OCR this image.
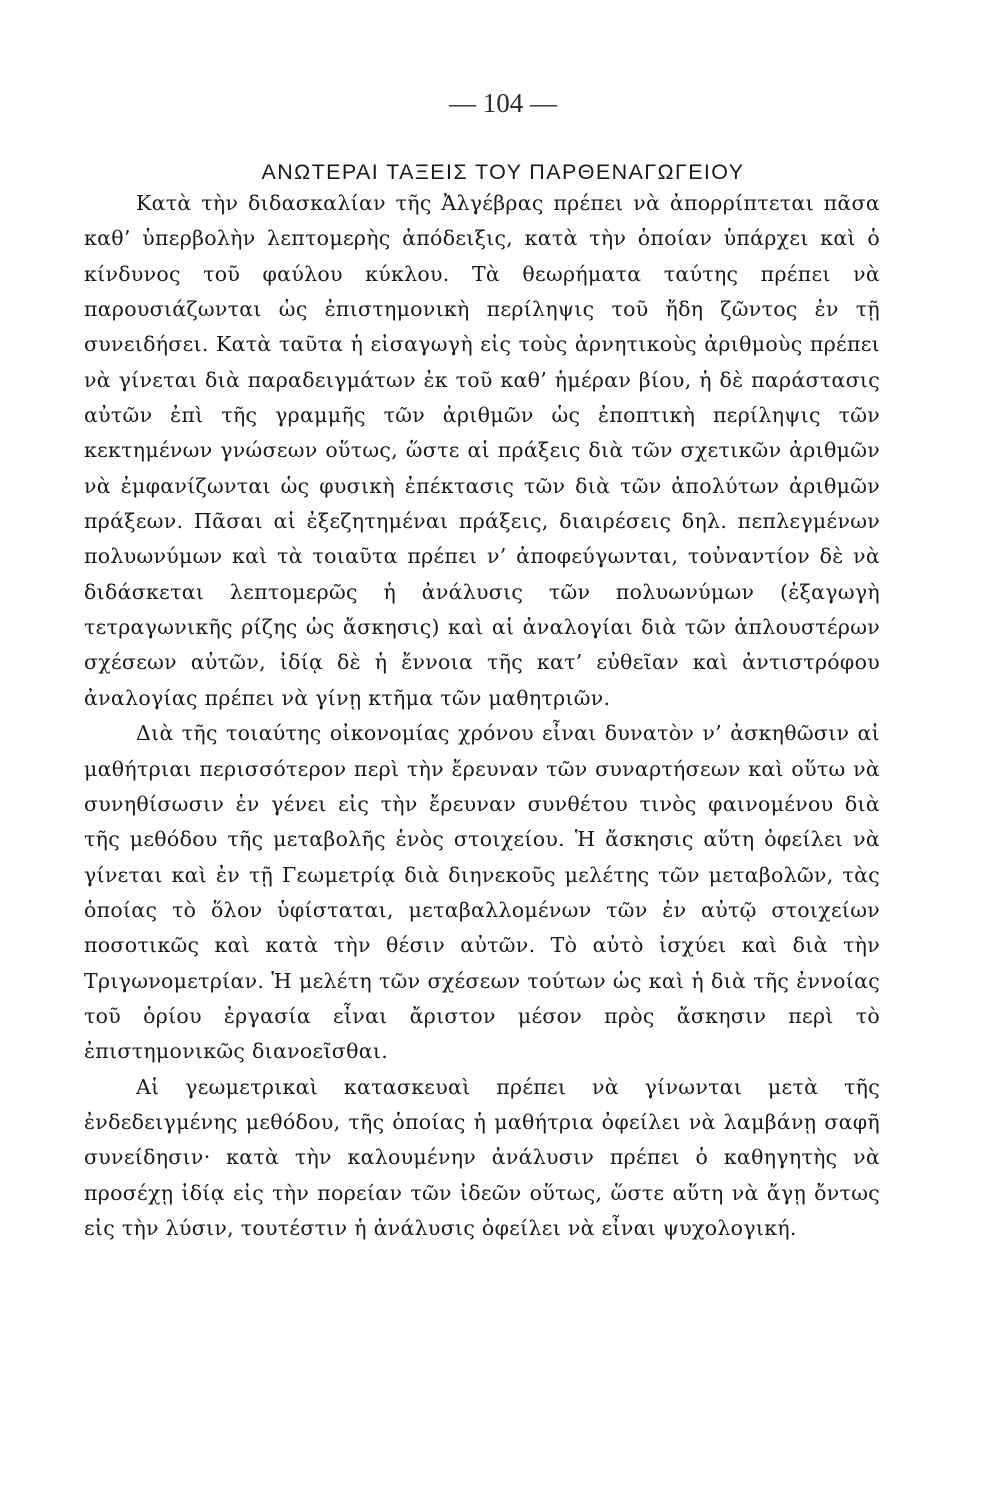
— 104 —
ΑΝΩΤΕΡΑΙ ΤΑΞΕΙΣ ΤΟΥ ΠΑΡΘΕΝΑΓΩΓΕΙΟΥ

Κατὰ τὴν διδασκαλίαν τῆς Ἀλγέβρας πρέπει νὰ ἀπορρίπτεται πᾶσα καθ’ ὑπερβολὴν λεπτομερὴς ἀπόδειξις, κατὰ τὴν ὁποίαν ὑπάρχει καὶ ὁ κίνδυνος τοῦ φαύλου κύκλου. Τὰ θεωρήματα ταύτης πρέπει νὰ παρουσιάζωνται ὡς ἐπιστημονικὴ περίληψις τοῦ ἤδη ζῶντος ἐν τῇ συνειδήσει. Κατὰ ταῦτα ἡ εἰσαγωγὴ εἰς τοὺς ἀρνητικοὺς ἀριθμοὺς πρέπει νὰ γίνεται διὰ παραδειγμάτων ἐκ τοῦ καθ’ ἡμέραν βίου, ἡ δὲ παράστασις αὐτῶν ἐπὶ τῆς γραμμῆς τῶν ἀριθμῶν ὡς ἐποπτικὴ περίληψις τῶν κεκτημένων γνώσεων οὕτως, ὥστε αἱ πράξεις διὰ τῶν σχετικῶν ἀριθμῶν νὰ ἐμφανίζωνται ὡς φυσικὴ ἐπέκτασις τῶν διὰ τῶν ἀπολύτων ἀριθμῶν πράξεων. Πᾶσαι αἱ ἐξεζητημέναι πράξεις, διαιρέσεις δηλ. πεπλεγμένων πολυωνύμων καὶ τὰ τοιαῦτα πρέπει ν’ ἀποφεύγωνται, τοὐναντίον δὲ νὰ διδάσκεται λεπτομερῶς ἡ ἀνάλυσις τῶν πολυωνύμων (ἐξαγωγὴ τετραγωνικῆς ρίζης ὡς ἄσκησις) καὶ αἱ ἀναλογίαι διὰ τῶν ἁπλουστέρων σχέσεων αὐτῶν, ἰδίᾳ δὲ ἡ ἔννοια τῆς κατ’ εὐθεῖαν καὶ ἀντιστρόφου ἀναλογίας πρέπει νὰ γίνῃ κτῆμα τῶν μαθητριῶν.

Διὰ τῆς τοιαύτης οἰκονομίας χρόνου εἶναι δυνατὸν ν’ ἀσκηθῶσιν αἱ μαθήτριαι περισσότερον περὶ τὴν ἔρευναν τῶν συναρτήσεων καὶ οὕτω νὰ συνηθίσωσιν ἐν γένει εἰς τὴν ἔρευναν συνθέτου τινὸς φαινομένου διὰ τῆς μεθόδου τῆς μεταβολῆς ἑνὸς στοιχείου. Ἡ ἄσκησις αὕτη ὀφείλει νὰ γίνεται καὶ ἐν τῇ Γεωμετρίᾳ διὰ διηνεκοῦς μελέτης τῶν μεταβολῶν, τὰς ὁποίας τὸ ὅλον ὑφίσταται, μεταβαλλομένων τῶν ἐν αὐτῷ στοιχείων ποσοτικῶς καὶ κατὰ τὴν θέσιν αὐτῶν. Τὸ αὐτὸ ἰσχύει καὶ διὰ τὴν Τριγωνομετρίαν. Ἡ μελέτη τῶν σχέσεων τούτων ὡς καὶ ἡ διὰ τῆς ἐννοίας τοῦ ὁρίου ἐργασία εἶναι ἄριστον μέσον πρὸς ἄσκησιν περὶ τὸ ἐπιστημονικῶς διανοεῖσθαι.

Αἱ γεωμετρικαὶ κατασκευαὶ πρέπει νὰ γίνωνται μετὰ τῆς ἐνδεδειγμένης μεθόδου, τῆς ὁποίας ἡ μαθήτρια ὀφείλει νὰ λαμβάνῃ σαφῆ συνείδησιν· κατὰ τὴν καλουμένην ἀνάλυσιν πρέπει ὁ καθηγητὴς νὰ προσέχῃ ἰδίᾳ εἰς τὴν πορείαν τῶν ἰδεῶν οὕτως, ὥστε αὕτη νὰ ἄγῃ ὄντως εἰς τὴν λύσιν, τουτέστιν ἡ ἀνάλυσις ὀφείλει νὰ εἶναι ψυχολογική.
